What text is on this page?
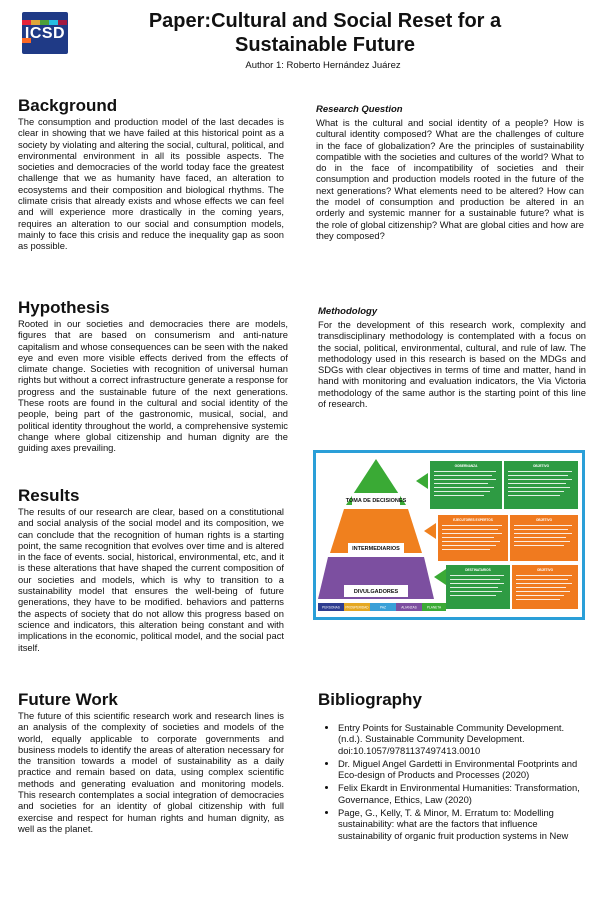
ICSD
Paper:Cultural and Social Reset for a
Sustainable Future
Author 1: Roberto Hernández Juárez
Background

The consumption and production model of the last decades is clear in showing that we have failed at this historical point as a society by violating and altering the social, cultural, political, and environmental environment in all its possible aspects. The societies and democracies of the world today face the greatest challenge that we as humanity have faced, an alteration to ecosystems and their composition and biological rhythms. The climate crisis that already exists and whose effects we can feel and will experience more drastically in the coming years, requires an alteration to our social and consumption models, mainly to face this crisis and reduce the inequality gap as soon as possible.

Research Question

What is the cultural and social identity of a people? How is cultural identity composed? What are the challenges of culture in the face of globalization? Are the principles of sustainability compatible with the societies and cultures of the world? What to do in the face of incompatibility of societies and their consumption and production models rooted in the future of the next generations? What elements need to be altered? How can the model of consumption and production be altered in an orderly and systemic manner for a sustainable future? what is the role of global citizenship? What are global cities and how are they composed?

Hypothesis

Rooted in our societies and democracies there are models, figures that are based on consumerism and anti-nature capitalism and whose consequences can be seen with the naked eye and even more visible effects derived from the effects of climate change. Societies with recognition of universal human rights but without a correct infrastructure generate a response for progress and the sustainable future of the next generations. These roots are found in the cultural and social identity of the people, being part of the gastronomic, musical, social, and political identity throughout the world, a comprehensive systemic change where global citizenship and human dignity are the guiding axes prevailing.

Methodology

For the development of this research work, complexity and transdisciplinary methodology is contemplated with a focus on the social, political, environmental, cultural, and rule of law. The methodology used in this research is based on the MDGs and SDGs with clear objectives in terms of time and matter, hand in hand with monitoring and evaluation indicators, the Via Victoria methodology of the same author is the starting point of this line of research.

Results

The results of our research are clear, based on a constitutional and social analysis of the social model and its composition, we can conclude that the recognition of human rights is a starting point, the same recognition that evolves over time and is altered in the face of events. social, historical, environmental, etc, and it is these alterations that have shaped the current composition of our societies and models, which is why to transition to a sustainability model that ensures the well-being of future generations, they have to be modified. behaviors and patterns the aspects of society that do not allow this progress based on science and indicators, this alteration being constant and with implications in the economic, political model, and the social pact itself.

TOMA DE DECISIONES
INTERMEDIARIOS
DIVULGADORES
GOBERNANZA	OBJETIVO
EJECUTORES EXPERTOS	OBJETIVO
DESTINATARIOS	OBJETIVO
PERSONAS PROSPERIDAD	PAZ	ALIANZAS	PLANETA
Future Work

The future of this scientific research work and research lines is an analysis of the complexity of societies and models of the world, equally applicable to corporate governments and business models to identify the areas of alteration necessary for the transition towards a model of sustainability as a daily practice and remain based on data, using complex scientific methods and generating evaluation and monitoring models. This research contemplates a social integration of democracies and societies for an identity of global citizenship with full exercise and respect for human rights and human dignity, as well as the planet.

Bibliography
• Entry Points for Sustainable Community Development. (n.d.). Sustainable Community Development. doi:10.1057/9781137497413.0010
• Dr. Miguel Angel Gardetti in Environmental Footprints and Eco-design of Products and Processes (2020)
• Felix Ekardt in Environmental Humanities: Transformation, Governance, Ethics, Law (2020)
• Page, G., Kelly, T. & Minor, M. Erratum to: Modelling sustainability: what are the factors that influence sustainability of organic fruit production systems in New
